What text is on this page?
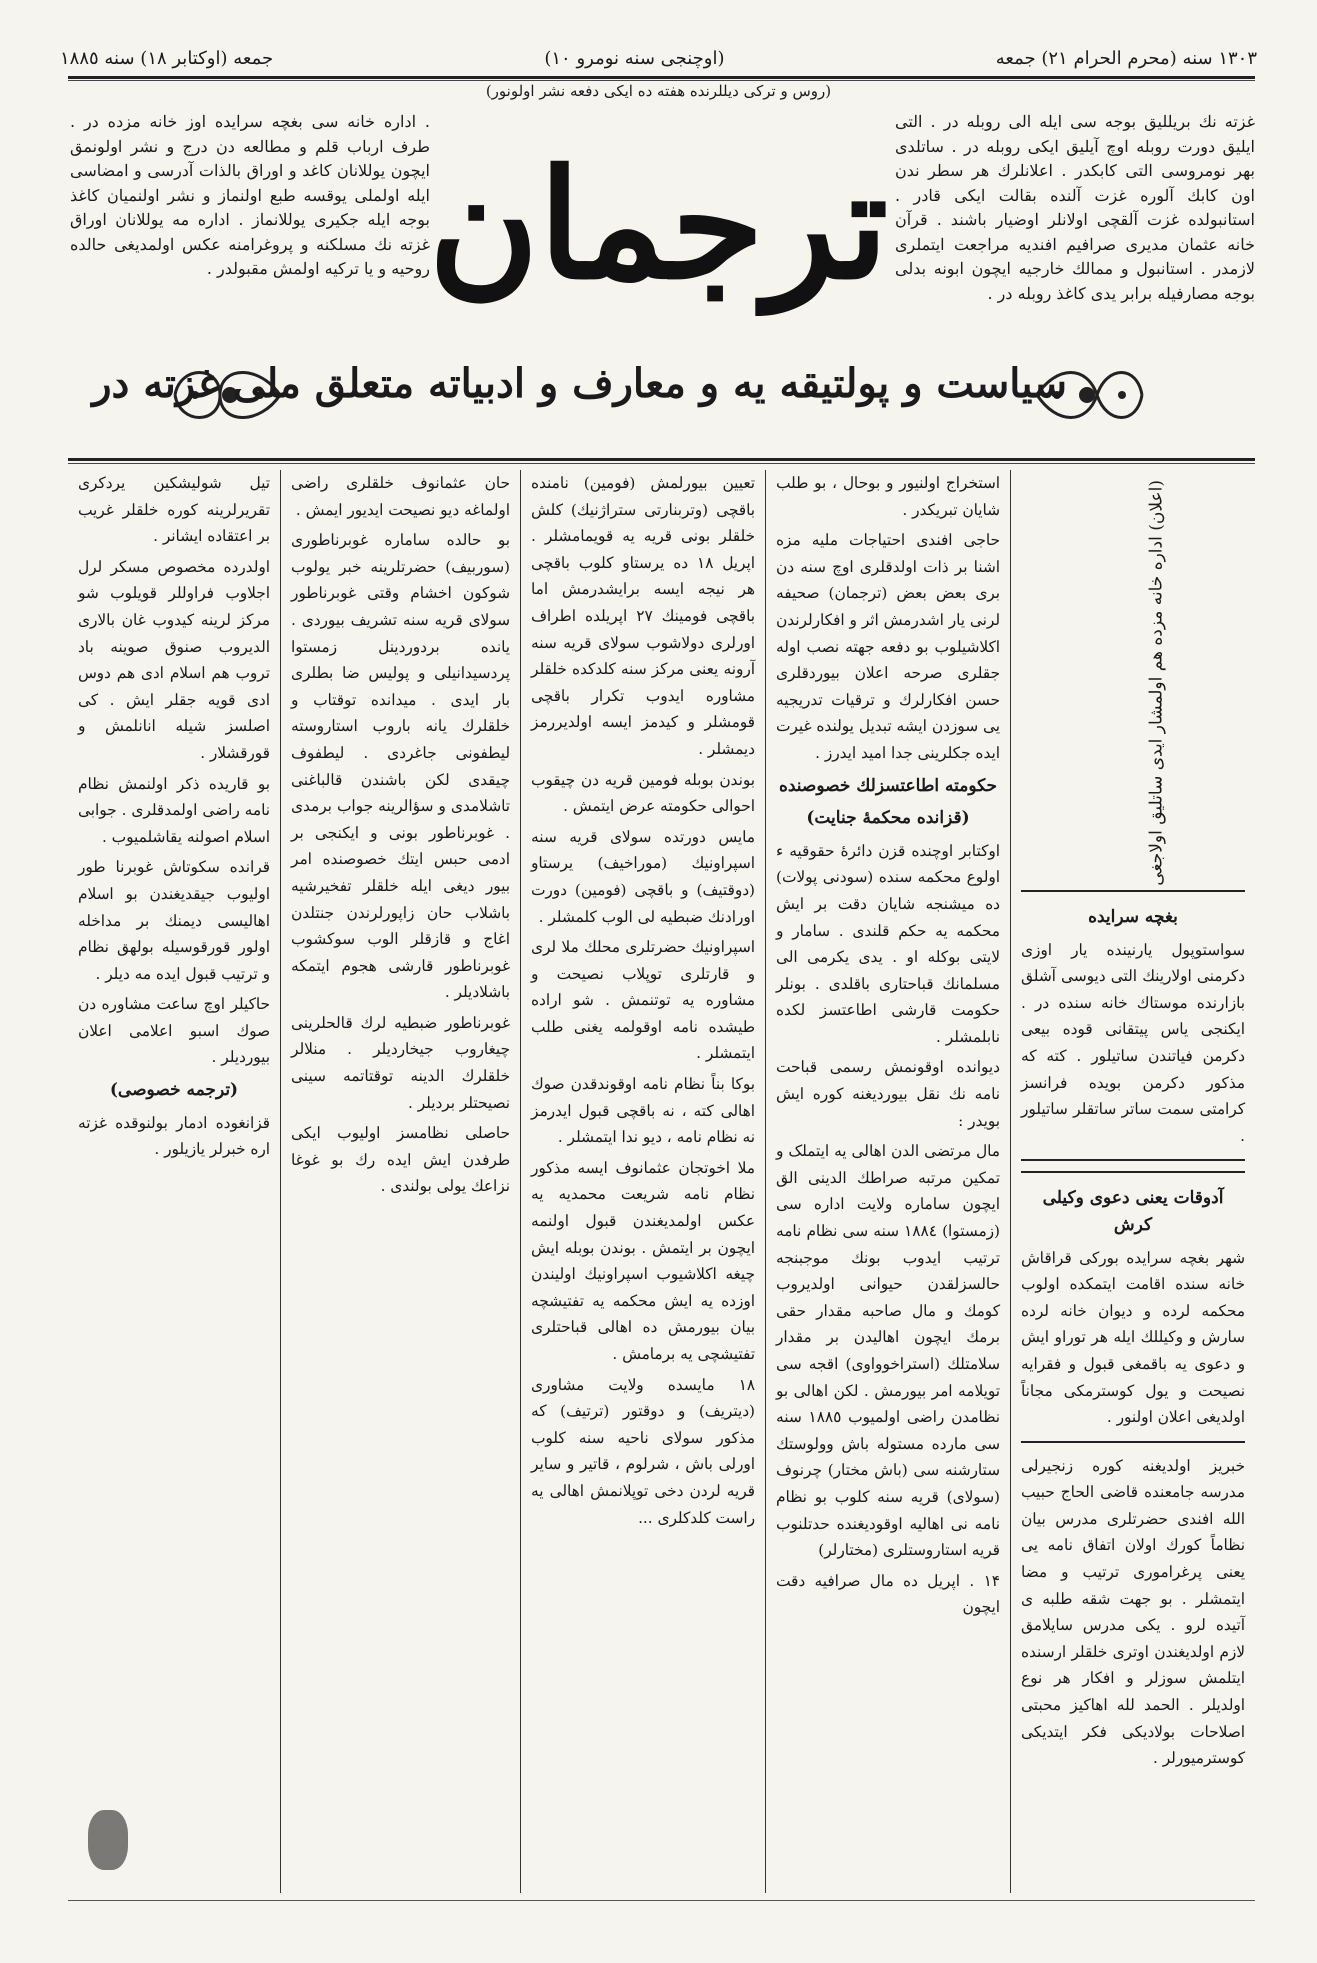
١٣٠٣ سنه (محرم الحرام ٢١) جمعه
(اوچنجی سنه نومرو ١٠)
جمعه (اوكتابر ١٨) سنه ١٨٨٥
(روس و ترکی دیللرنده هفته ده ایکی دفعه نشر اولونور)
غزته نك بریللیق بوجه سی ایله الی روبله در . التی ایلیق دورت روبله اوچ آیلیق ایکی روبله در . ساتلدی بهر نومروسی التی کابکدر . اعلانلرك هر سطر ندن اون کابك آلوره غزت آلنده بقالت ایکی قادر . استانبولده غزت آلقچی اولانلر اوضیار باشند . قرآن خانه عثمان مدیری صرافیم افندیه مراجعت ایتملری لازمدر . استانبول و ممالك خارجیه ایچون ابونه بدلی بوجه مصارفیله برابر یدی کاغذ روبله در .
. اداره خانه سی بغچه سرایده اوز خانه مزده در . طرف ارباب قلم و مطالعه دن درج و نشر اولونمق ایچون یوللانان کاغد و اوراق بالذات آدرسی و امضاسی ایله اولملی یوقسه طبع اولنماز و نشر اولنمیان کاغذ بوجه ایله جکیری یوللانماز . اداره مه یوللانان اوراق غزته نك مسلکنه و پروغرامنه عکس اولمدیغی حالده روحیه و یا ترکیه اولمش مقبولدر .
ترجمان
سیاست و پولتیقه یه و معارف و ادبیاته متعلق ملی غزته در
(اعلان) اداره خانه مزده هم اولمشار ایدی ساتلیق اولاجغی
بغچه سرایده

سواستوپول یارنینده یار اوزی دکرمنی اولارینك التی دیوسی آشلق بازارنده موستاك خانه سنده در . ایکنجی یاس پیتقانی قوده بیعی دکرمن فیاتندن ساتیلور . کته که مذکور دکرمن بویده فرانسز کرامتی سمت ساتر ساتقلر ساتیلور .

آدوقات یعنی دعوی وکیلی کرش

شهر بغچه سرایده بورکی قراقاش خانه سنده اقامت ایتمکده اولوب محکمه لرده و دیوان خانه لرده سارش و وکیللك ایله هر توراو ایش و دعوی یه باقمغی قبول و فقرایه نصیحت و یول کوسترمکی مجاناً اولدیغی اعلان اولنور .

خبریز اولدیغنه کوره زنجیرلی مدرسه جامعنده قاضی الحاج حبیب الله افندی حضرتلری مدرس بیان نظاماً کورك اولان اتفاق نامه یی یعنی پرغراموری ترتیب و مضا ایتمشلر . بو جهت شقه طلبه ی آتیده لرو . یکی مدرس سایلامق لازم اولدیغندن اوتری خلقلر ارسنده ایتلمش سوزلر و افکار هر نوع اولدیلر . الحمد لله اهاکیز محبتی اصلاحات بولادیکی فکر ایتدیکی کوسترمیورلر .

استخراج اولنیور و بوحال ، بو طلب شایان تبریکدر .

حاجی افندی احتیاجات ملیه مزه اشنا بر ذات اولدقلری اوچ سنه دن بری بعض بعض (ترجمان) صحیفه لرنی یار اشدرمش اثر و افکارلرندن اکلاشیلوب بو دفعه جهته نصب اوله جقلری صرحه اعلان بیوردقلری حسن افکارلرك و ترقیات تدریجیه یی سوزدن ایشه تبدیل یولنده غیرت ایده جکلرینی جدا امید ایدرز .

حکومته اطاعتسزلك خصوصنده
(قزانده محکمهٔ جنایت)

اوکتابر اوچنده قزن دائرهٔ حقوقیه ء اولوع محکمه سنده (سودنی پولات) ده میشنجه شایان دقت بر ایش محکمه یه حکم قلندی . سامار و لایتی بوکله او . یدی یکرمی الی مسلمانك قباحتاری باقلدی . بونلر حکومت قارشی اطاعتسز لکده نابلمشلر .

دیوانده اوقونمش رسمی قباحت نامه نك نقل بیوردیغنه کوره ایش بویدر :

مال مرتضی الدن اهالی یه ایتملک و تمکین مرتبه صراطك الدینی الق ایچون ساماره ولایت اداره سی (زمستوا) ١٨٨٤ سنه سی نظام نامه ترتیب ایدوب بونك موجبنجه حالسزلقدن حیوانی اولدیروب کومك و مال صاحبه مقدار حقی برمك ایچون اهالیدن بر مقدار سلامتلك (استراخوواوی) اقجه سی تویلامه امر بیورمش . لکن اهالی بو نظامدن راضی اولمیوب ١٨٨٥ سنه سی مارده مستوله باش وولوستك ستارشنه سی (باش مختار) چرنوف (سولای) قریه سنه کلوب بو نظام نامه نی اهالیه اوقودیغنده حدتلنوب قریه استاروستلری (مختارلر)

۱۴ . اپریل ده مال صرافیه دقت ایچون

تعیین بیورلمش (فومین) نامنده باقچی (وتربنارتی ستراژنیك) کلش خلقلر بونی قریه یه قویمامشلر . اپریل ١٨ ده یرستاو کلوب باقچی هر نیجه ایسه برایشدرمش اما باقچی فومینك ٢٧ اپریلده اطراف اورلری دولاشوب سولای قریه سنه آرونه یعنی مرکز سنه کلدکده خلقلر مشاوره ایدوب تکرار باقچی قومشلر و کیدمز ایسه اولدیررمز دیمشلر .

بوندن بوبله فومین قریه دن چیقوب احوالی حکومته عرض ایتمش .

مایس دورتده سولای قریه سنه اسپراونیك (موراخیف) یرستاو (دوقتیف) و باقچی (فومین) دورت اورادنك ضبطیه لی الوب کلمشلر .

اسپراونیك حضرتلری محلك ملا لری و قارتلری توپلاب نصیحت و مشاوره یه توتنمش . شو اراده طیشده نامه اوقولمه یغنی طلب ایتمشلر .

بوکا بناً نظام نامه اوقوندقدن صوك اهالی کته ، نه باقچی قبول ایدرمز نه نظام نامه ، دیو ندا ایتمشلر .

ملا اخوتجان عثمانوف ایسه مذکور نظام نامه شریعت محمدیه یه عکس اولمدیغندن قبول اولنمه ایچون بر ایتمش . بوندن بوبله ایش چیغه اکلاشیوب اسپراونیك اولیندن اوزده یه ایش محکمه یه تفتیشچه بیان بیورمش ده اهالی قباحتلری تفتیشچی یه برمامش .

١٨ مایسده ولایت مشاوری (دیتریف) و دوقتور (ترتیف) که مذکور سولای ناحیه سنه کلوب اورلی باش ، شرلوم ، قاتیر و سایر قریه لردن دخی توپلانمش اهالی یه راست کلدکلری ...

حان عثمانوف خلقلری راضی اولماغه دیو نصیحت ایدیور ایمش .

بو حالده ساماره غوبرناطوری (سوربیف) حضرتلرینه خبر یولوب شوکون اخشام وقتی غوبرناطور سولای قریه سنه تشریف بیوردی . یانده بردوردینل زمستوا پردسیدانیلی و پولیس ضا بطلری بار ایدی . میدانده توقتاب و خلقلرك یانه باروب استاروسته لیطفونی جاغردی . لیطفوف چیقدی لکن باشندن قالباغنی تاشلامدی و سؤالرینه جواب برمدی . غوبرناطور بونی و ایکنجی بر ادمی حبس ایتك خصوصنده امر بیور دیغی ایله خلقلر تفخیرشیه باشلاب حان زاپورلرندن جنتلدن اغاج و قازقلر الوب سوکشوب غوبرناطور قارشی هجوم ایتمکه باشلادیلر .

غوبرناطور ضبطیه لرك قالحلرینی چیغاروب جیخاردیلر . منلالر خلقلرك الدینه توقتاتمه سینی نصیحتلر بردیلر .

حاصلی نظامسز اولیوب ایکی طرفدن ایش ایده رك بو غوغا نزاعك یولی بولندی .

تیل شولیشکین یردکری تقریرلرینه کوره خلقلر غریب بر اعتقاده ایشانر .

اولدرده مخصوص مسکر لرل اجلاوب فراوللر قویلوب شو مرکز لرینه کیدوب غان بالاری الدیروب صنوق صوینه باد تروب هم اسلام ادی هم دوس ادی قویه جقلر ایش . کی اصلسز شیله انانلمش و قورقشلار .

بو قاریده ذکر اولنمش نظام نامه راضی اولمدقلری . جوابی اسلام اصولنه یقاشلمیوب .

قرانده سکوتاش غوبرنا طور اولیوب جیقدیغندن بو اسلام اهالیسی دیمنك بر مداخله اولور قورقوسیله بولهق نظام و ترتیب قبول ایده مه دیلر .

حاکیلر اوچ ساعت مشاوره دن صوك اسبو اعلامی اعلان بیوردیلر .

(ترجمه خصوصی)

قزانغوده ادمار بولنوقده غزته اره خبرلر یازیلور .
